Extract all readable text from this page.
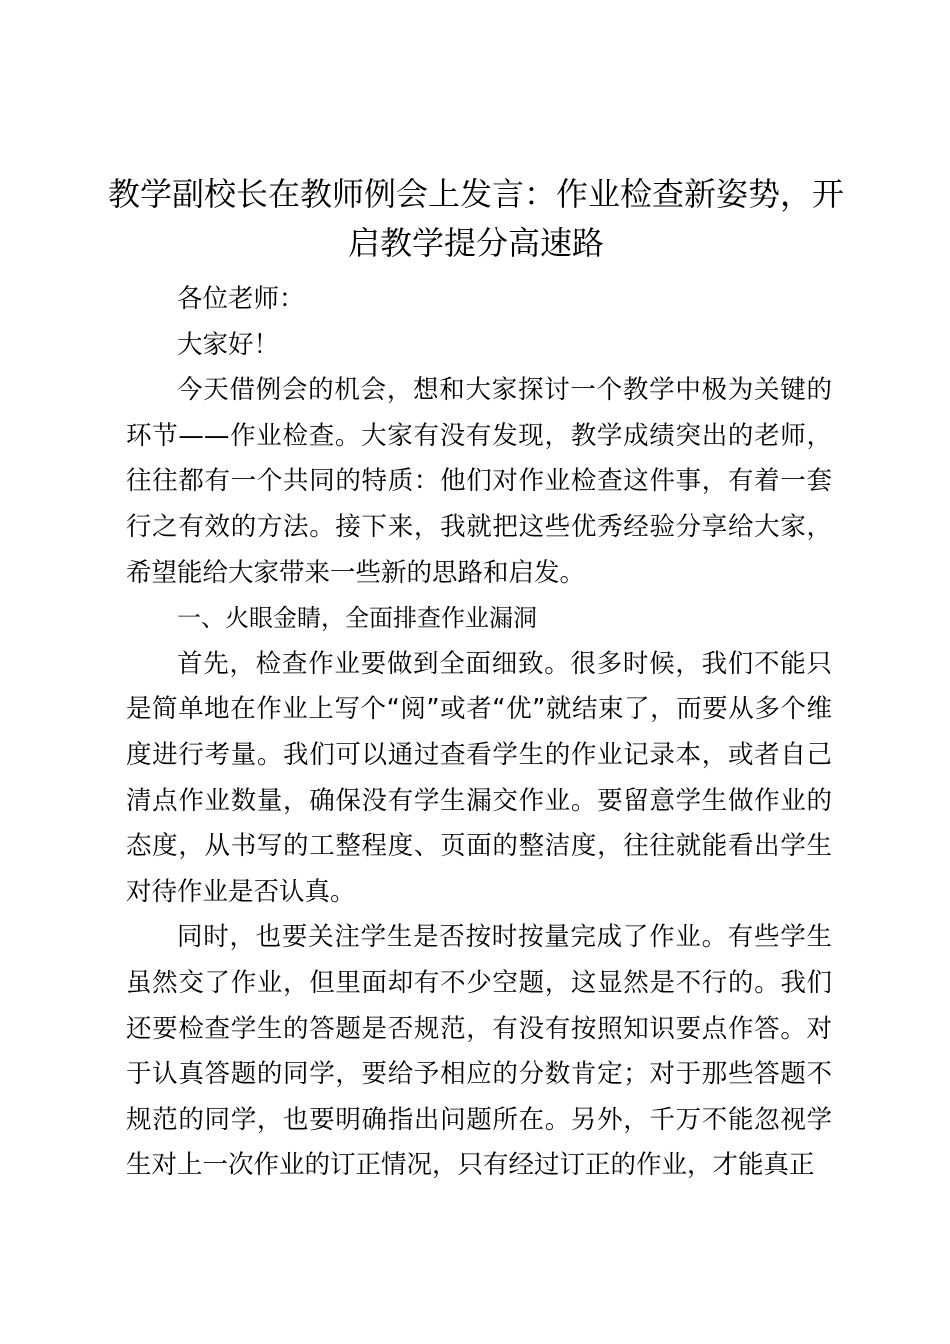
教学副校长在教师例会上发言：作业检查新姿势，开启教学提分高速路

各位老师：

大家好！

今天借例会的机会，想和大家探讨一个教学中极为关键的环节——作业检查。大家有没有发现，教学成绩突出的老师，往往都有一个共同的特质：他们对作业检查这件事，有着一套行之有效的方法。接下来，我就把这些优秀经验分享给大家，希望能给大家带来一些新的思路和启发。

一、火眼金睛，全面排查作业漏洞

首先，检查作业要做到全面细致。很多时候，我们不能只是简单地在作业上写个“阅”或者“优”就结束了，而要从多个维度进行考量。我们可以通过查看学生的作业记录本，或者自己清点作业数量，确保没有学生漏交作业。要留意学生做作业的态度，从书写的工整程度、页面的整洁度，往往就能看出学生对待作业是否认真。

同时，也要关注学生是否按时按量完成了作业。有些学生虽然交了作业，但里面却有不少空题，这显然是不行的。我们还要检查学生的答题是否规范，有没有按照知识要点作答。对于认真答题的同学，要给予相应的分数肯定；对于那些答题不规范的同学，也要明确指出问题所在。另外，千万不能忽视学生对上一次作业的订正情况，只有经过订正的作业，才能真正
